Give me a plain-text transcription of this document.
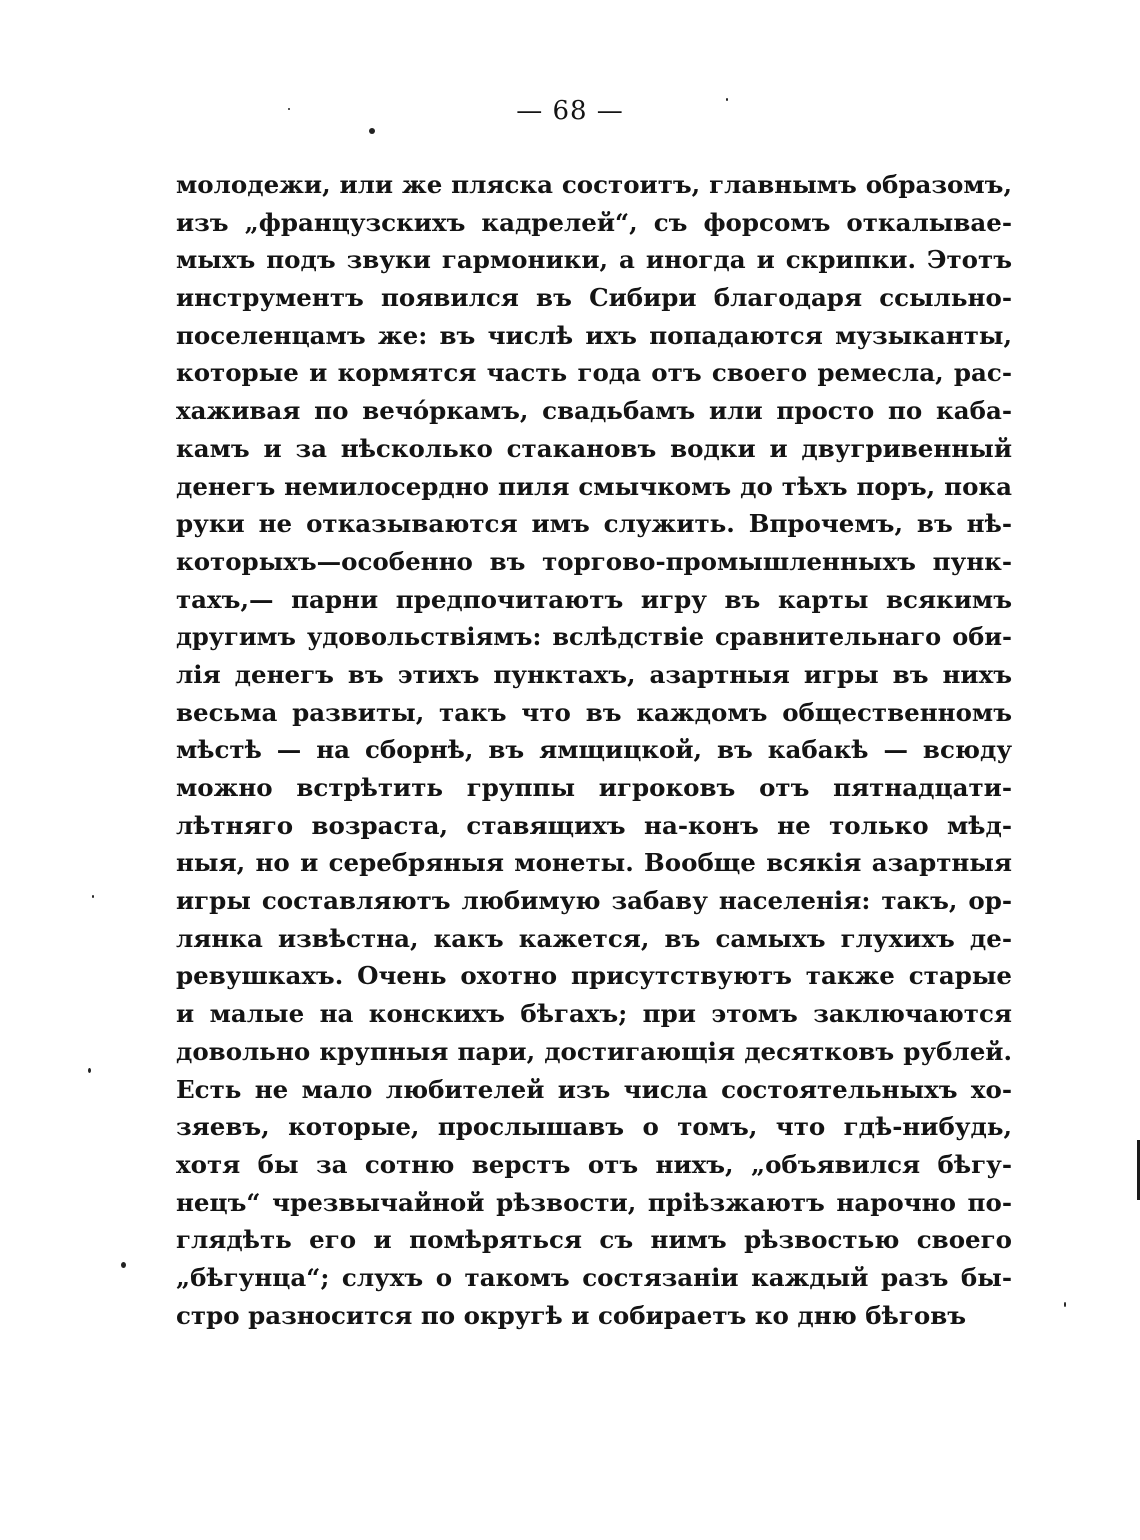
— 68 —
молодежи, или же пляска состоитъ, главнымъ образомъ,
изъ „французскихъ кадрелей“, съ форсомъ откалывае-
мыхъ подъ звуки гармоники, а иногда и скрипки. Этотъ
инструментъ появился въ Сибири благодаря ссыльно-
поселенцамъ же: въ числѣ ихъ попадаются музыканты,
которые и кормятся часть года отъ своего ремесла, рас-
хаживая по вечо́ркамъ, свадьбамъ или просто по каба-
камъ и за нѣсколько стакановъ водки и двугривенный
денегъ немилосердно пиля смычкомъ до тѣхъ поръ, пока
руки не отказываются имъ служить. Впрочемъ, въ нѣ-
которыхъ—особенно въ торгово-промышленныхъ пунк-
тахъ,— парни предпочитаютъ игру въ карты всякимъ
другимъ удовольствіямъ: вслѣдствіе сравнительнаго оби-
лія денегъ въ этихъ пунктахъ, азартныя игры въ нихъ
весьма развиты, такъ что въ каждомъ общественномъ
мѣстѣ — на сборнѣ, въ ямщицкой, въ кабакѣ — всюду
можно встрѣтить группы игроковъ отъ пятнадцати-
лѣтняго возраста, ставящихъ на-конъ не только мѣд-
ныя, но и серебряныя монеты. Вообще всякія азартныя
игры составляютъ любимую забаву населенія: такъ, ор-
лянка извѣстна, какъ кажется, въ самыхъ глухихъ де-
ревушкахъ. Очень охотно присутствуютъ также старые
и малые на конскихъ бѣгахъ; при этомъ заключаются
довольно крупныя пари, достигающія десятковъ рублей.
Есть не мало любителей изъ числа состоятельныхъ хо-
зяевъ, которые, прослышавъ о томъ, что гдѣ-нибудь,
хотя бы за сотню верстъ отъ нихъ, „объявился бѣгу-
нецъ“ чрезвычайной рѣзвости, пріѣзжаютъ нарочно по-
глядѣть его и помѣряться съ нимъ рѣзвостью своего
„бѣгунца“; слухъ о такомъ состязаніи каждый разъ бы-
стро разносится по округѣ и собираетъ ко дню бѣговъ
